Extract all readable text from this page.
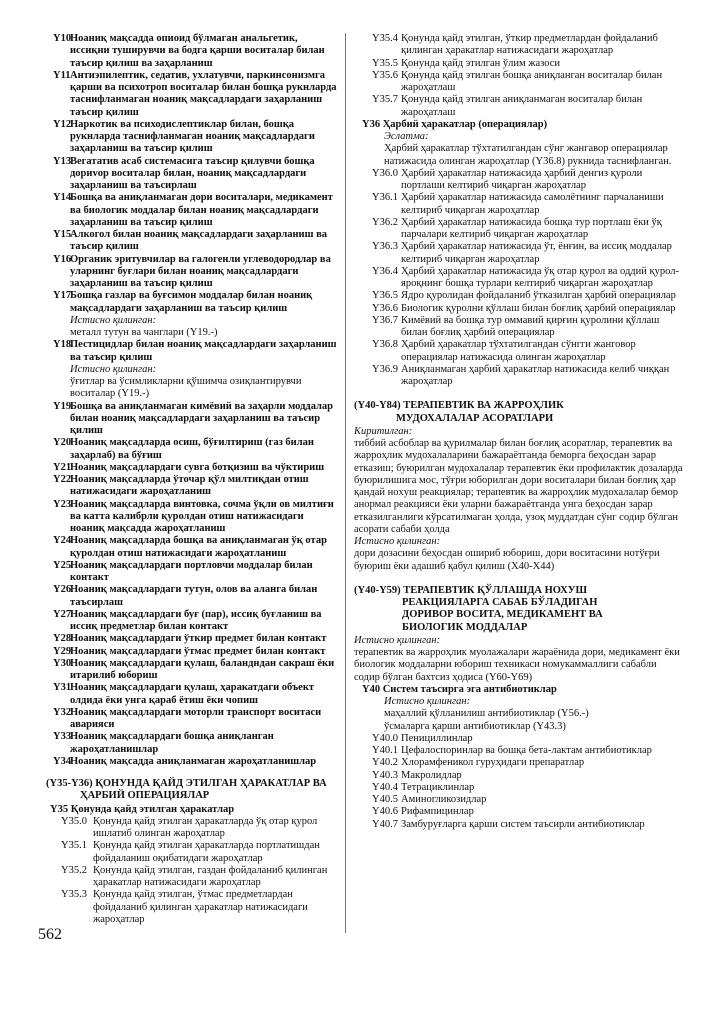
Y10
Ноаниқ мақсадда опиоид бўлмаган анальгетик, иссиқни туширувчи ва бодга қарши воситалар билан таъсир қилиш ва заҳарланиш
Y11 Антиэпилептик, седатив, ухлатувчи, паркинсонизмга қарши ва психотроп воситалар билан бошқа рукнларда таснифланмаган ноаниқ мақсадлардаги заҳарланиш таъсир қилиш
Y12
Наркотик ва психодислептиклар билан, бошқа рукнларда таснифланмаган ноаниқ мақсадлардаги заҳарланиш ва таъсир қилиш
Y13
Вегататив асаб системасига таъсир қилувчи бошқа дориvoр воситалар билан, ноаниқ мақсадлардаги заҳарланиш ва таъсирлаш
Y14
Бошқа ва аниқланмаган дори воситалари, медикамент ва биологик моддалар билан ноаниқ мақсадлардаги заҳарланиш ва таъсир қилиш
Y15
Алкогол билан ноаниқ мақсадлардаги заҳарланиш ва таъсир қилиш
Y16
Органик эритувчилар ва галогенли углеводородлар ва уларнинг буғлари билан ноаниқ мақсадлардаги заҳарланиш ва таъсир қилиш
Y17
Бошқа газлар ва буғсимон моддалар билан ноаниқ мақсадлардаги заҳарланиш ва таъсир қилиш
Истисно қилинган:
металл тутун ва чанглари (Y19.-)
Y18
Пестицидлар билан ноаниқ мақсадлардаги заҳарланиш ва таъсир қилиш
Истисно қилинган:
ўғитлар ва ўсимликларни қўшимча озиқлантирувчи воситалар (Y19.-)
Y19
Бошқа ва аниқланмаган кимёвий ва заҳарли моддалар билан ноаниқ мақсадлардаги заҳарланиш ва таъсир қилиш
Y20
Ноаниқ мақсадларда осиш, бўғилтириш (газ билан заҳарлаб) ва бўғиш
Y21
Ноаниқ мақсадлардаги сувга ботқизиш ва чўктириш
Y22
Ноаниқ мақсадларда ўточар қўл милтиқдан отиш натижасидаги жароҳатланиш
Y23
Ноаниқ мақсадларда винтовка, сочма ўқли ов милтиғи ва катта калибрли қуролдан отиш натижасидаги ноаниқ мақсадда жароҳатланиш
Y24
Ноаниқ мақсадларда бошқа ва аниқланмаган ўқ отар қуролдан отиш натижасидаги жароҳатланиш
Y25
Ноаниқ мақсадлардаги портловчи моддалар билан контакт
Y26
Ноаниқ мақсадлардаги тутун, олов ва аланга билан таъсирлаш
Y27
Ноаниқ мақсадлардаги буғ (пар), иссиқ буғланиш ва иссиқ предметлар билан контакт
Y28
Ноаниқ мақсадлардаги ўткир предмет билан контакт
Y29
Ноаниқ мақсадлардаги ўтмас предмет билан контакт
Y30
Ноаниқ мақсадлардаги қулаш, баландндан сакраш ёки итарилиб юбориш
Y31
Ноаниқ мақсадлардаги қулаш, ҳаракатдаги объект олдида ёки унга қараб ётиш ёки чопиш
Y32
Ноаниқ мақсадлардаги моторли транспорт воситаси аварияси
Y33
Ноаниқ мақсадлардаги бошқа аниқланган жароҳатланишлар
Y34
Ноаниқ мақсадда аниқланмаган жароҳатланишлар
(Y35-Y36) ҚОНУНДА ҚАЙД ЭТИЛГАН ҲАРАКАТЛАР ВА
ҲАРБИЙ ОПЕРАЦИЯЛАР
Y35 Қонунда қайд этилган ҳаракатлар
Y35.0 Қонунда қайд этилган ҳаракатларда ўқ отар қурол ишлатиб олинган жароҳатлар
Y35.1 Қонунда қайд этилган ҳаракатларда портлатишдан фойдаланиш оқибатидаги жароҳатлар
Y35.2 Қонунда қайд этилган, газдан фойдаланиб қилинган ҳаракатлар натижасидаги жароҳатлар
Y35.3 Қонунда қайд этилган, ўтмас предметлардан фойдаланиб қилинган ҳаракатлар натижасидаги жароҳатлар
Y35.4 Қонунда қайд этилган, ўткир предметлардан фойдаланиб қилинган ҳаракатлар натижасидаги жароҳатлар
Y35.5 Қонунда қайд этилган ўлим жазоси
Y35.6 Қонунда қайд этилган бошқа аниқланган воситалар билан жароҳатлаш
Y35.7 Қонунда қайд этилган аниқланмаган воситалар билан жароҳатлаш
Y36 Ҳарбий ҳаракатлар (операциялар)
Эслатма:
Ҳарбий ҳаракатлар тўхтатилгандан сўнг жангавор операциялар натижасида олинган жароҳатлар (Y36.8) рукнида таснифланган.
Y36.0 Ҳарбий ҳаракатлар натижасида ҳарбий денгиз қуроли портлаши келтириб чиқарган жароҳатлар
Y36.1 Ҳарбий ҳаракатлар натижасида самолётнинг парчаланиши келтириб чиқарган жароҳатлар
Y36.2 Ҳарбий ҳаракатлар натижасида бошқа тур портлаш ёки ўқ парчалари келтириб чиқарган жароҳатлар
Y36.3 Ҳарбий ҳаракатлар натижасида ўт, ёнғин, ва иссиқ моддалар келтириб чиқарган жароҳатлар
Y36.4 Ҳарбий ҳаракатлар натижасида ўқ отар қурол ва оддий қурол-яроқнинг бошқа турлари келтириб чиқарган жароҳатлар
Y36.5 Ядро қуролидан фойдаланиб ўтказилган ҳарбий операциялар
Y36.6 Биологик қуролни қўллаш билан боғлиқ ҳарбий операциялар
Y36.7 Кимёвий ва бошқа тур оммавий қирғин қуролини қўллаш билан боғлиқ ҳарбий операциялар
Y36.8 Ҳарбий ҳаракатлар тўхтатилгандан сўнгги жанговор операциялар натижасида олинган жароҳатлар
Y36.9 Аниқланмаган ҳарбий ҳаракатлар натижасида келиб чиққан жароҳатлар
(Y40-Y84) ТЕРАПЕВТИК ВА ЖАРРОҲЛИК
МУДОХАЛАЛАР АСОРАТЛАРИ
Киритилган:
тиббий асбоблар ва қурилмалар билан боғлиқ асоратлар, терапевтик ва жарроҳлик мудохалаларини бажараётганда беморга беҳосдан зарар етказиш; буюрилган мудохалалар терапевтик ёки профилактик дозаларда буюрилишига мос, тўғри юборилган дори воситалари билан боғлиқ ҳар қандай ноxуш реакциялар; терапевтик ва жарроҳлик мудохалалар бемор анормал реакцияси ёки уларни бажараётганда унга беҳосдан зарар етказилганлиги кўрсатилмаган ҳолда, узоқ муддатдан сўнг содир бўлган асорати сабаби ҳолда
Истисно қилинган:
дори дозасини беҳосдан ошириб юбориш, дори воситасини нотўғри буюриш ёки адашиб қабул қилиш (X40-X44)
(Y40-Y59) ТЕРАПЕВТИК ҚЎЛЛАШДА НОХУШ
РЕАКЦИЯЛАРГА САБАБ БЎЛАДИГАН
ДОРИВОР ВОСИТА, МЕДИКАМЕНТ ВА
БИОЛОГИК МОДДАЛАР
Истисно қилинган:
терапевтик ва жарроҳлик муолажалари жараёнида дори, медикамент ёки биологик моддаларни юбориш техникаси номукаммаллиги сабабли содир бўлган бахтсиз ҳодиса (Y60-Y69)
Y40 Систем таъсирга эга антибиотиклар
Истисно қилинган:
маҳаллий қўлланилиш антибиотиклар (Y56.-)
ўсмаларга қарши антибиотиклар (Y43.3)
Y40.0 Пенициллинлар
Y40.1 Цефалоспоринлар ва бошқа бета-лактам антибиотиклар
Y40.2 Хлорамфеникол гуруҳидаги препаратлар
Y40.3 Макролидлар
Y40.4 Тетрациклинлар
Y40.5 Аминогликозидлар
Y40.6 Рифампицинлар
Y40.7 Замбуруғларга қарши систем таъсирли антибиотиклар
562
